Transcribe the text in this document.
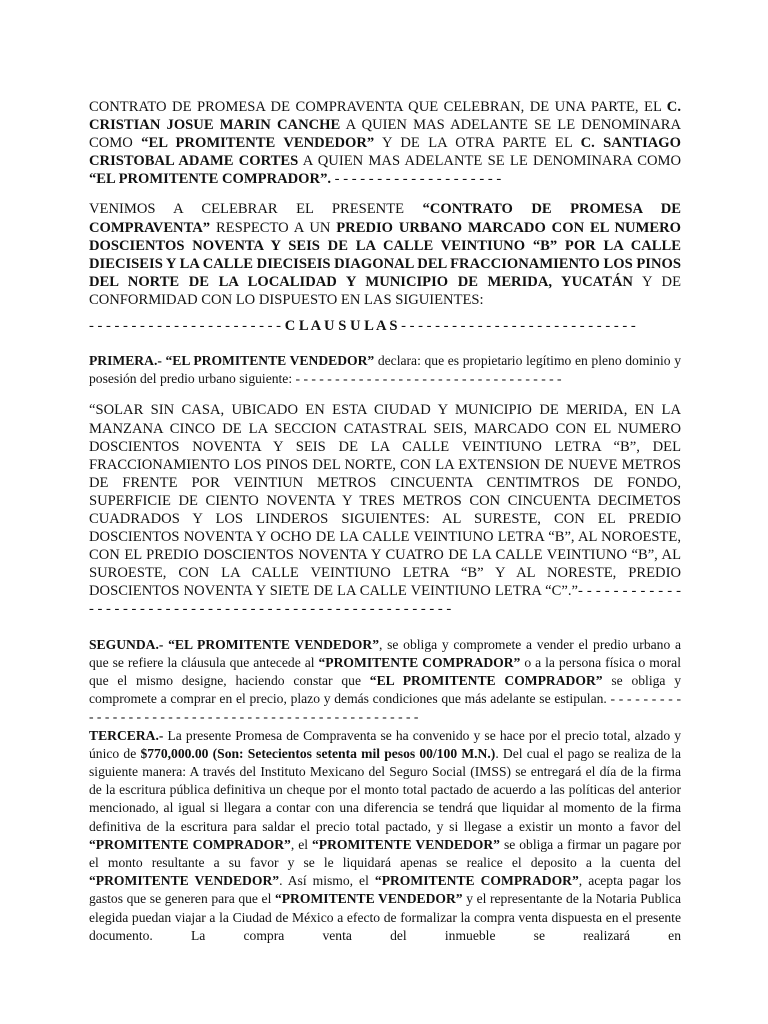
CONTRATO DE PROMESA DE COMPRAVENTA QUE CELEBRAN, DE UNA PARTE, EL C. CRISTIAN JOSUE MARIN CANCHE A QUIEN MAS ADELANTE SE LE DENOMINARA COMO “EL PROMITENTE VENDEDOR” Y DE LA OTRA PARTE EL C. SANTIAGO CRISTOBAL ADAME CORTES A QUIEN MAS ADELANTE SE LE DENOMINARA COMO “EL PROMITENTE COMPRADOR”. - - - - - - - - - - - - - - - - - - - -

VENIMOS A CELEBRAR EL PRESENTE “CONTRATO DE PROMESA DE COMPRAVENTA” RESPECTO A UN PREDIO URBANO MARCADO CON EL NUMERO DOSCIENTOS NOVENTA Y SEIS DE LA CALLE VEINTIUNO “B” POR LA CALLE DIECISEIS Y LA CALLE DIECISEIS DIAGONAL DEL FRACCIONAMIENTO LOS PINOS DEL NORTE DE LA LOCALIDAD Y MUNICIPIO DE MERIDA, YUCATÁN Y DE CONFORMIDAD CON LO DISPUESTO EN LAS SIGUIENTES:

- - - - - - - - - - - - - - - - - - - - - - - C L A U S U L A S - - - - - - - - - - - - - - - - - - - - - - - - - - - -

PRIMERA.- “EL PROMITENTE VENDEDOR” declara: que es propietario legítimo en pleno dominio y posesión del predio urbano siguiente: - - - - - - - - - - - - - - - - - - - - - - - - - - - - - - - - - -

“SOLAR SIN CASA, UBICADO EN ESTA CIUDAD Y MUNICIPIO DE MERIDA, EN LA MANZANA CINCO DE LA SECCION CATASTRAL SEIS, MARCADO CON EL NUMERO DOSCIENTOS NOVENTA Y SEIS DE LA CALLE VEINTIUNO LETRA “B”, DEL FRACCIONAMIENTO LOS PINOS DEL NORTE, CON LA EXTENSION DE NUEVE METROS DE FRENTE POR VEINTIUN METROS CINCUENTA CENTIMTROS DE FONDO, SUPERFICIE DE CIENTO NOVENTA Y TRES METROS CON CINCUENTA DECIMETOS CUADRADOS Y LOS LINDEROS SIGUIENTES: AL SURESTE, CON EL PREDIO DOSCIENTOS NOVENTA Y OCHO DE LA CALLE VEINTIUNO LETRA “B”, AL NOROESTE, CON EL PREDIO DOSCIENTOS NOVENTA Y CUATRO DE LA CALLE VEINTIUNO “B”, AL SUROESTE, CON LA CALLE VEINTIUNO LETRA “B” Y AL NORESTE, PREDIO DOSCIENTOS NOVENTA Y SIETE DE LA CALLE VEINTIUNO LETRA “C”.”- - - - - - - - - - - - - - - - - - - - - - - - - - - - - - - - - - - - - - - - - - - - - - - - - - - - - - -

SEGUNDA.- “EL PROMITENTE VENDEDOR”, se obliga y compromete a vender el predio urbano a que se refiere la cláusula que antecede al “PROMITENTE COMPRADOR” o a la persona física o moral que el mismo designe, haciendo constar que “EL PROMITENTE COMPRADOR” se obliga y compromete a comprar en el precio, plazo y demás condiciones que más adelante se estipulan. - - - - - - - - - - - - - - - - - - - - - - - - - - - - - - - - - - - - - - - - - - - - - - - - - - -

TERCERA.- La presente Promesa de Compraventa se ha convenido y se hace por el precio total, alzado y único de $770,000.00 (Son: Setecientos setenta mil pesos 00/100 M.N.). Del cual el pago se realiza de la siguiente manera: A través del Instituto Mexicano del Seguro Social (IMSS) se entregará el día de la firma de la escritura pública definitiva un cheque por el monto total pactado de acuerdo a las políticas del anterior mencionado, al igual si llegara a contar con una diferencia se tendrá que liquidar al momento de la firma definitiva de la escritura para saldar el precio total pactado, y si llegase a existir un monto a favor del “PROMITENTE COMPRADOR”, el “PROMITENTE VENDEDOR” se obliga a firmar un pagare por el monto resultante a su favor y se le liquidará apenas se realice el deposito a la cuenta del “PROMITENTE VENDEDOR”. Así mismo, el “PROMITENTE COMPRADOR”, acepta pagar los gastos que se generen para que el “PROMITENTE VENDEDOR” y el representante de la Notaria Publica elegida puedan viajar a la Ciudad de México a efecto de formalizar la compra venta dispuesta en el presente documento. La compra venta del inmueble se realizará en
